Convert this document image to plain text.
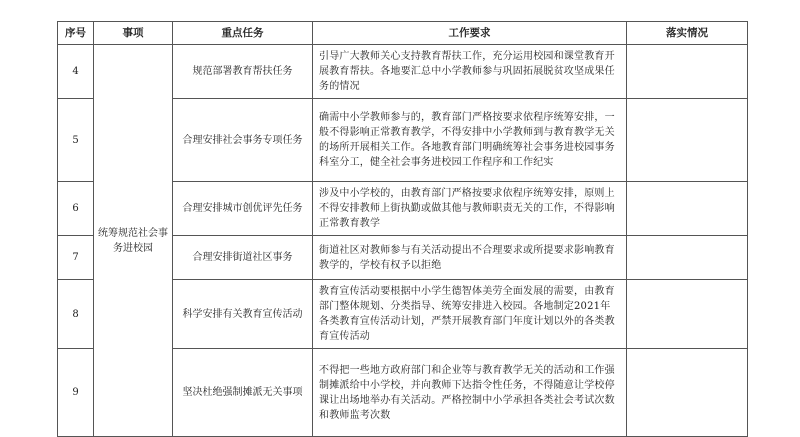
序号	事项	重点任务	工作要求	落实情况
4	统筹规范社会事务进校园	规范部署教育帮扶任务	引导广大教师关心支持教育帮扶工作，充分运用校园和课堂教育开展教育帮扶。各地要汇总中小学教师参与巩固拓展脱贫攻坚成果任务的情况	
5		合理安排社会事务专项任务	确需中小学教师参与的，教育部门严格按要求依程序统筹安排，一般不得影响正常教育教学，不得安排中小学教师到与教育教学无关的场所开展相关工作。各地教育部门明确统筹社会事务进校园事务科室分工，健全社会事务进校园工作程序和工作纪实	
6		合理安排城市创优评先任务	涉及中小学校的，由教育部门严格按要求依程序统筹安排，原则上不得安排教师上街执勤或做其他与教师职责无关的工作，不得影响正常教育教学	
7		合理安排街道社区事务	街道社区对教师参与有关活动提出不合理要求或所提要求影响教育教学的，学校有权予以拒绝	
8		科学安排有关教育宣传活动	教育宣传活动要根据中小学生德智体美劳全面发展的需要，由教育部门整体规划、分类指导、统筹安排进入校园。各地制定2021年各类教育宣传活动计划，严禁开展教育部门年度计划以外的各类教育宣传活动	
9		坚决杜绝强制摊派无关事项	不得把一些地方政府部门和企业等与教育教学无关的活动和工作强制摊派给中小学校，并向教师下达指令性任务，不得随意让学校停课让出场地举办有关活动。严格控制中小学承担各类社会考试次数和教师监考次数	
